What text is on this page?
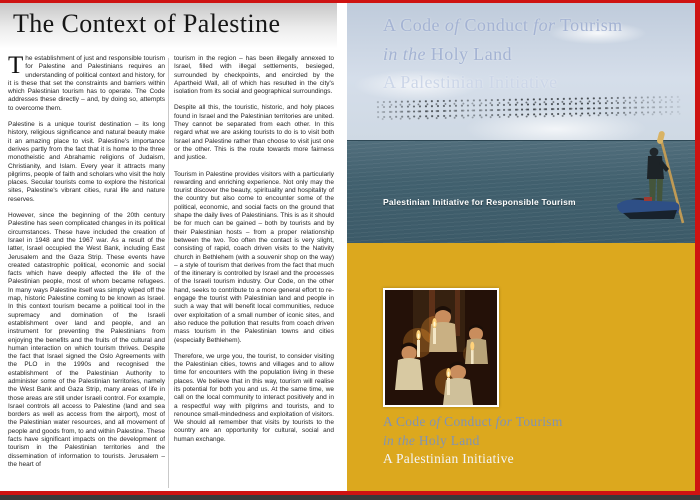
The Context of Palestine

The establishment of just and responsible tourism for Palestine and Palestinians requires an understanding of political context and history, for it is these that set the constraints and barriers within which Palestinian tourism has to operate. The Code addresses these directly – and, by doing so, attempts to overcome them.

Palestine is a unique tourist destination – its long history, religious significance and natural beauty make it an amazing place to visit. Palestine's importance derives partly from the fact that it is home to the three monotheistic and Abrahamic religions of Judaism, Christianity, and Islam. Every year it attracts many pilgrims, people of faith and scholars who visit the holy places. Secular tourists come to explore the historical sites, Palestine's vibrant cities, rural life and nature reserves.

However, since the beginning of the 20th century Palestine has seen complicated changes in its political circumstances. These have included the creation of Israel in 1948 and the 1967 war. As a result of the latter, Israel occupied the West Bank, including East Jerusalem and the Gaza Strip. These events have created catastrophic political, economic and social facts which have deeply affected the life of the Palestinian people, most of whom became refugees. In many ways Palestine itself was simply wiped off the map, historic Palestine coming to be known as Israel. In this context tourism became a political tool in the supremacy and domination of the Israeli establishment over land and people, and an instrument for preventing the Palestinians from enjoying the benefits and the fruits of the cultural and human interaction on which tourism thrives. Despite the fact that Israel signed the Oslo Agreements with the PLO in the 1990s and recognised the establishment of the Palestinian Authority to administer some of the Palestinian territories, namely the West Bank and Gaza Strip, many areas of life in those areas are still under Israeli control. For example, Israel controls all access to Palestine (land and sea borders as well as access from the airport), most of the Palestinian water resources, and all movement of people and goods from, to and within Palestine. These facts have significant impacts on the development of tourism in the Palestinian territories and the dissemination of information to tourists. Jerusalem – the heart of

tourism in the region – has been illegally annexed to Israel, filled with illegal settlements, besieged, surrounded by checkpoints, and encircled by the Apartheid Wall, all of which has resulted in the city's isolation from its social and geographical surroundings.

Despite all this, the touristic, historic, and holy places found in Israel and the Palestinian territories are united. They cannot be separated from each other. In this regard what we are asking tourists to do is to visit both Israel and Palestine rather than choose to visit just one or the other. This is the route towards more fairness and justice.

Tourism in Palestine provides visitors with a particularly rewarding and enriching experience. Not only may the tourist discover the beauty, spirituality and hospitality of the country but also come to encounter some of the political, economic, and social facts on the ground that shape the daily lives of Palestinians. This is as it should be for much can be gained – both by tourists and by their Palestinian hosts – from a proper relationship between the two. Too often the contact is very slight, consisting of rapid, coach driven visits to the Nativity church in Bethlehem (with a souvenir shop on the way) – a style of tourism that derives from the fact that much of the itinerary is controlled by Israel and the processes of the Israeli tourism industry. Our Code, on the other hand, seeks to contribute to a more general effort to re-engage the tourist with Palestinian land and people in such a way that will benefit local communities, reduce over exploitation of a small number of iconic sites, and also reduce the pollution that results from coach driven mass tourism in the Palestinian towns and cities (especially Bethlehem).

Therefore, we urge you, the tourist, to consider visiting the Palestinian cities, towns and villages and to allow time for encounters with the population living in these places. We believe that in this way, tourism will realise its potential for both you and us. At the same time, we call on the local community to interact positively and in a respectful way with pilgrims and tourists, and to renounce small-mindedness and exploitation of visitors. We should all remember that visits by tourists to the country are an opportunity for cultural, social and human exchange.

A Code of Conduct for Tourism
in the Holy Land
A Palestinian Initiative
Palestinian Initiative for Responsible Tourism
A Code of Conduct for Tourism
in the Holy Land
A Palestinian Initiative
